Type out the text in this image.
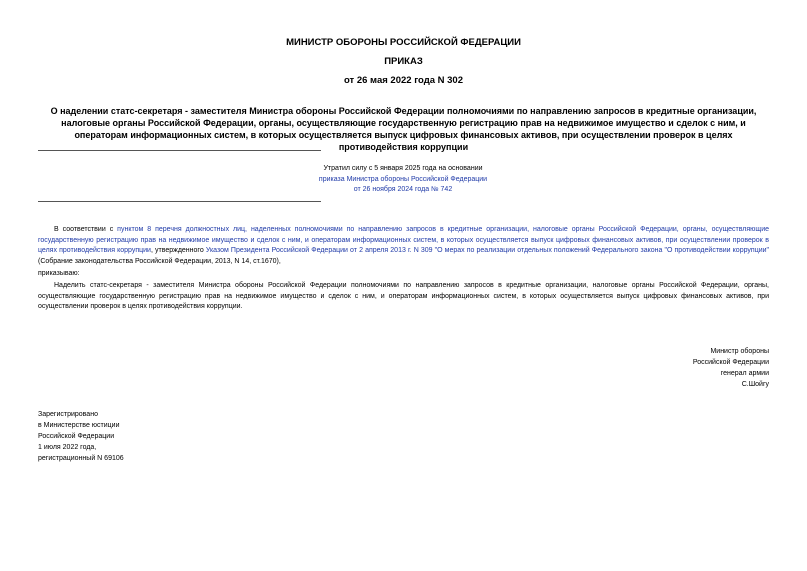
МИНИСТР ОБОРОНЫ РОССИЙСКОЙ ФЕДЕРАЦИИ
ПРИКАЗ
от 26 мая 2022 года N 302
О наделении статс-секретаря - заместителя Министра обороны Российской Федерации полномочиями по направлению запросов в кредитные организации, налоговые органы Российской Федерации, органы, осуществляющие государственную регистрацию прав на недвижимое имущество и сделок с ним, и операторам информационных систем, в которых осуществляется выпуск цифровых финансовых активов, при осуществлении проверок в целях противодействия коррупции
Утратил силу с 5 января 2025 года на основании
приказа Министра обороны Российской Федерации
от 26 ноября 2024 года № 742
В соответствии с пунктом 8 перечня должностных лиц, наделенных полномочиями по направлению запросов в кредитные организации, налоговые органы Российской Федерации, органы, осуществляющие государственную регистрацию прав на недвижимое имущество и сделок с ним, и операторам информационных систем, в которых осуществляется выпуск цифровых финансовых активов, при осуществлении проверок в целях противодействия коррупции, утвержденного Указом Президента Российской Федерации от 2 апреля 2013 г. N 309 "О мерах по реализации отдельных положений Федерального закона "О противодействии коррупции" (Собрание законодательства Российской Федерации, 2013, N 14, ст.1670),
приказываю:
Наделить статс-секретаря - заместителя Министра обороны Российской Федерации полномочиями по направлению запросов в кредитные организации, налоговые органы Российской Федерации, органы, осуществляющие государственную регистрацию прав на недвижимое имущество и сделок с ним, и операторам информационных систем, в которых осуществляется выпуск цифровых финансовых активов, при осуществлении проверок в целях противодействия коррупции.
Министр обороны
Российской Федерации
генерал армии
С.Шойгу
Зарегистрировано
в Министерстве юстиции
Российской Федерации
1 июля 2022 года,
регистрационный N 69106
